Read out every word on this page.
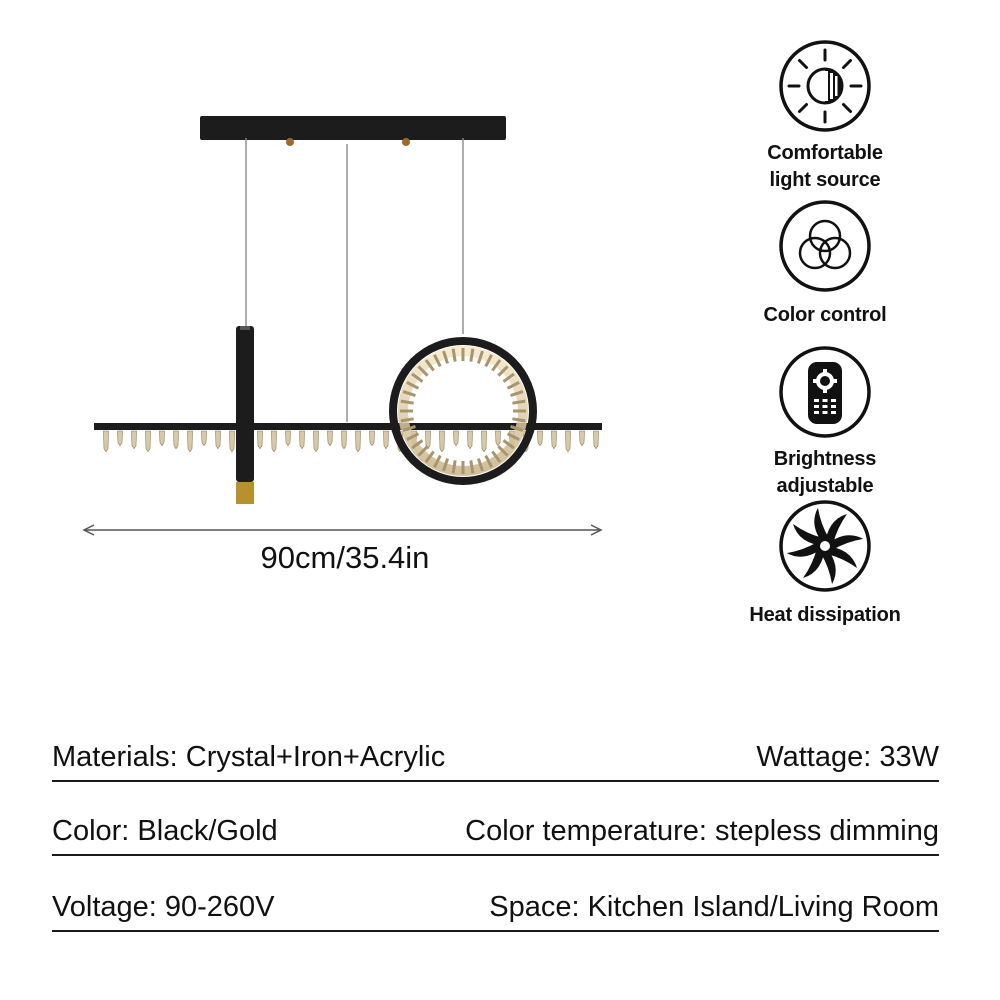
90cm/35.4in
Comfortable
light source
Color control
Brightness
adjustable
Heat dissipation
Materials: Crystal+Iron+Acrylic	Wattage: 33W
Color: Black/Gold	Color temperature: stepless dimming
Voltage: 90-260V	Space: Kitchen Island/Living Room
